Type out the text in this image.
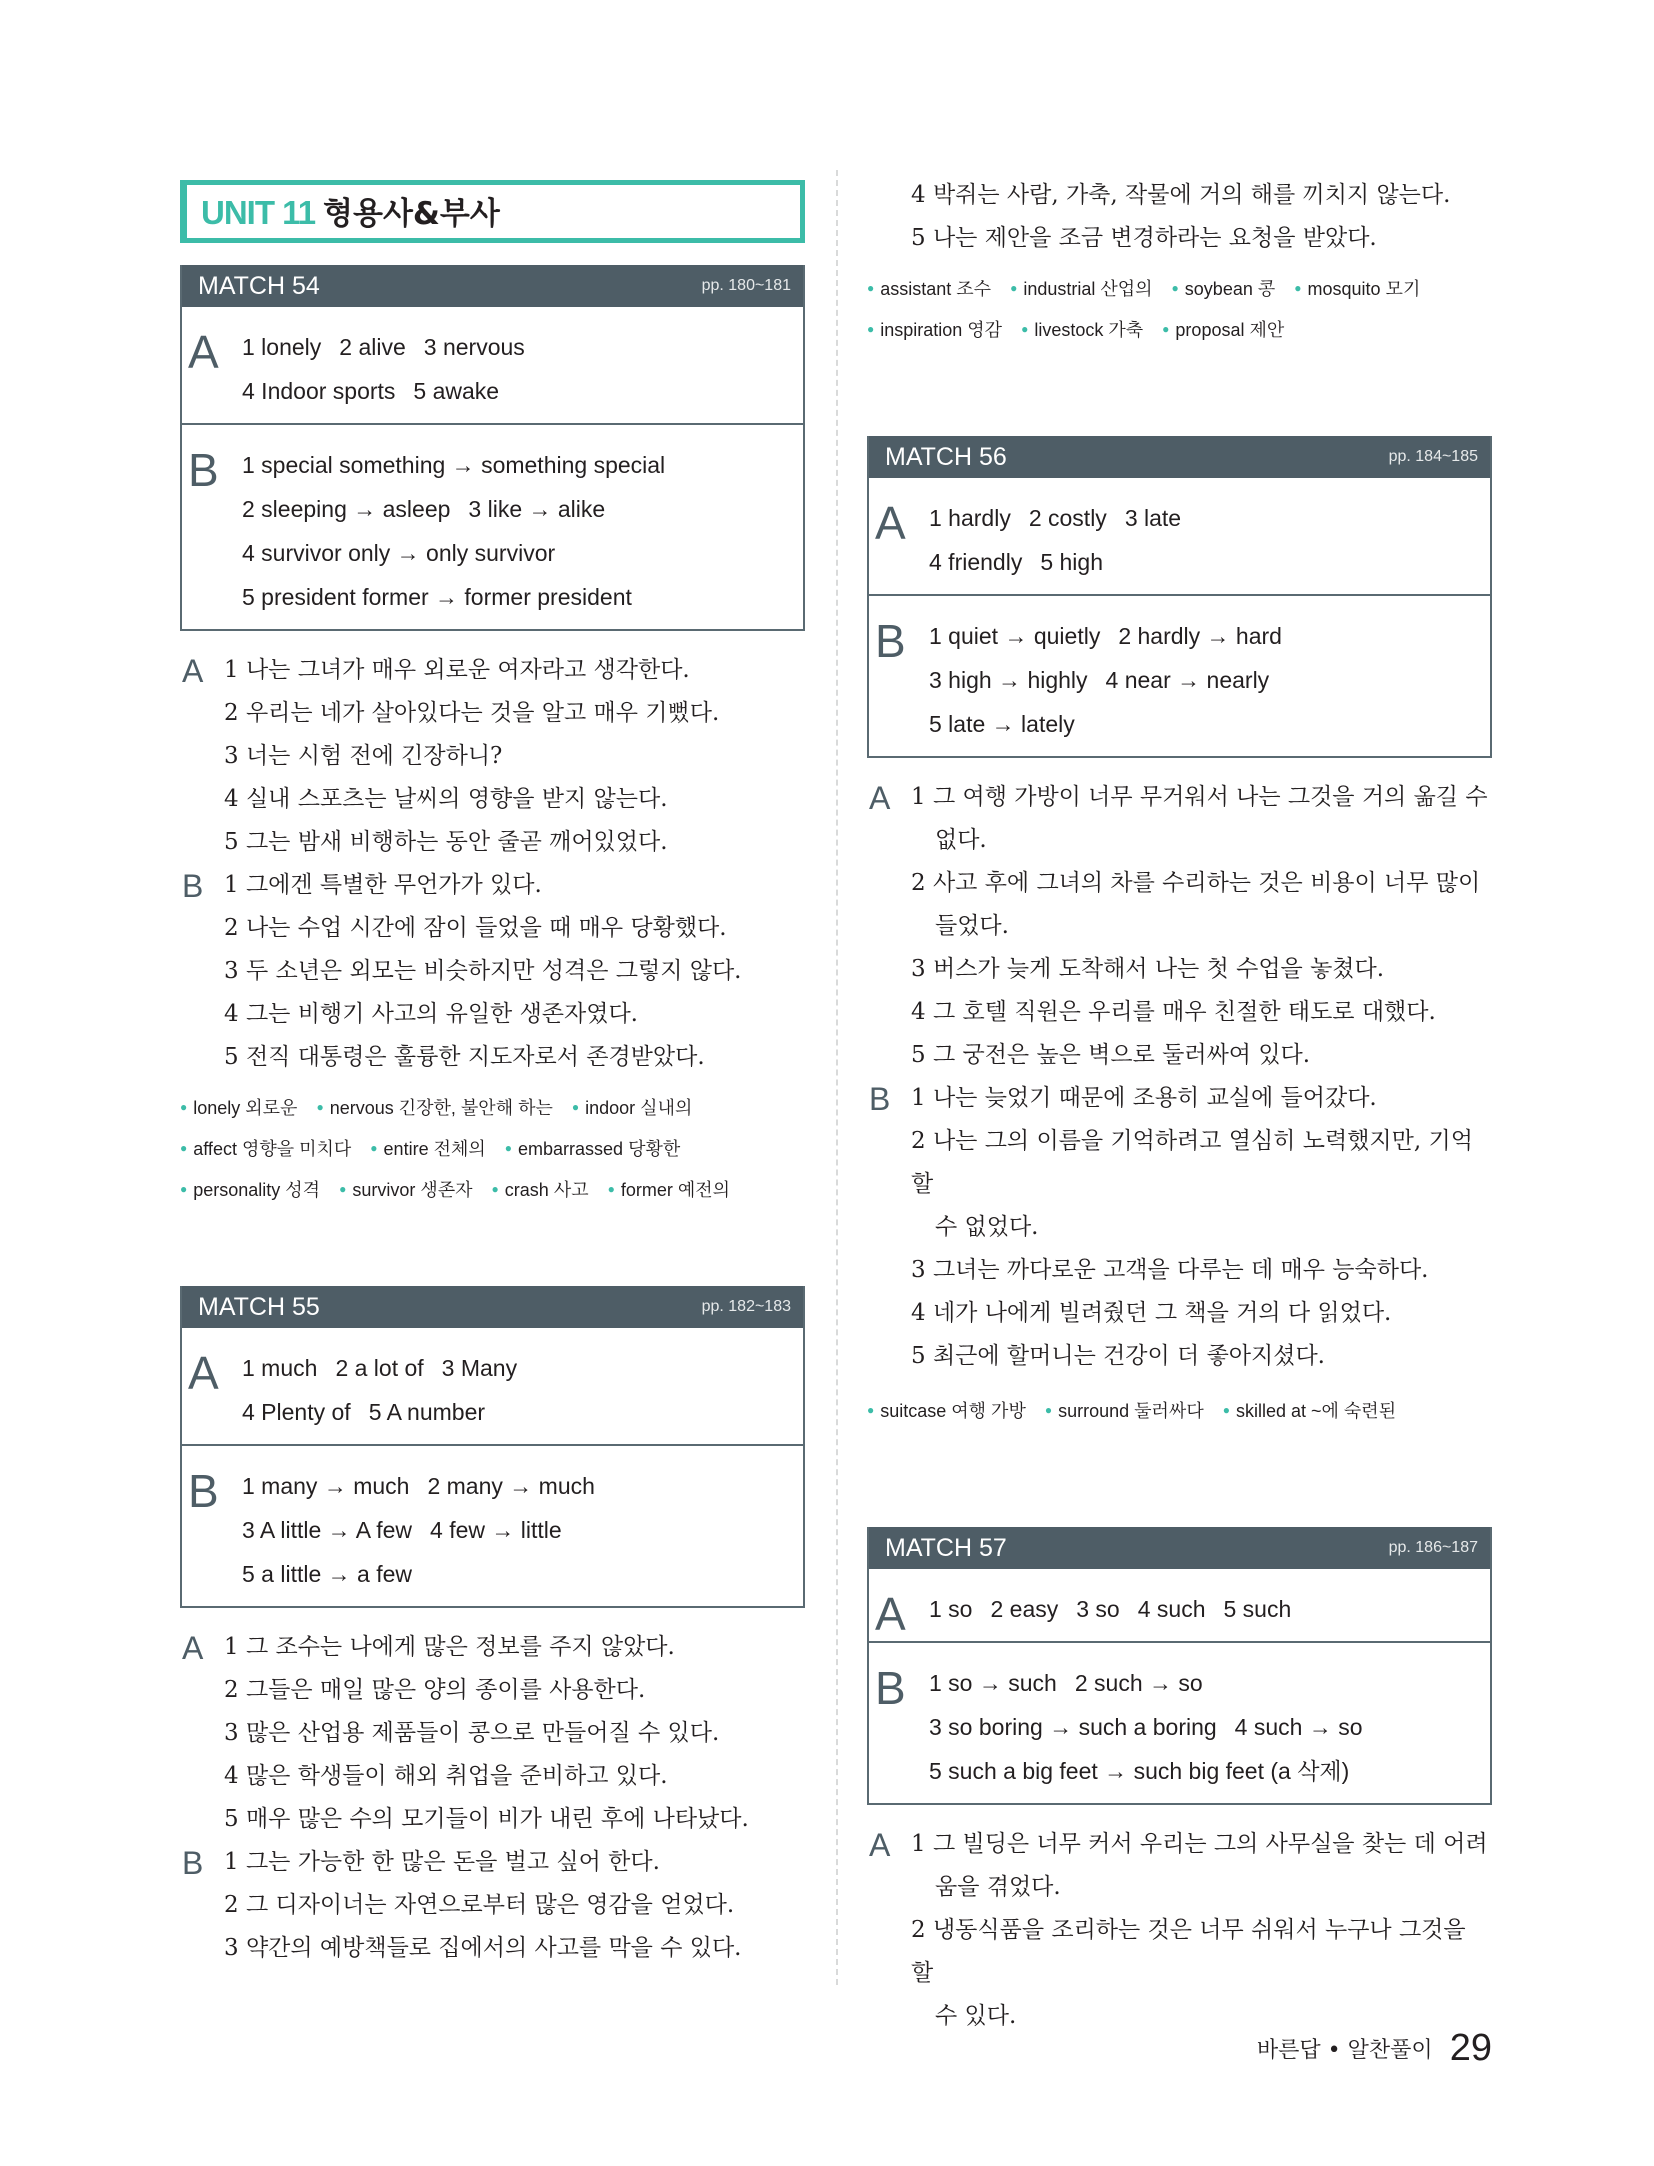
UNIT 11 형용사&부사
MATCH 54	pp. 180~181
A 1 lonely 2 alive 3 nervous
4 Indoor sports 5 awake
B 1 special something → something special
2 sleeping → asleep 3 like → alike
4 survivor only → only survivor
5 president former → former president
A 1 나는 그녀가 매우 외로운 여자라고 생각한다.
2 우리는 네가 살아있다는 것을 알고 매우 기뻤다.
3 너는 시험 전에 긴장하니?
4 실내 스포츠는 날씨의 영향을 받지 않는다.
5 그는 밤새 비행하는 동안 줄곧 깨어있었다.
B 1 그에겐 특별한 무언가가 있다.
2 나는 수업 시간에 잠이 들었을 때 매우 당황했다.
3 두 소년은 외모는 비슷하지만 성격은 그렇지 않다.
4 그는 비행기 사고의 유일한 생존자였다.
5 전직 대통령은 훌륭한 지도자로서 존경받았다.
● lonely 외로운 ● nervous 긴장한, 불안해 하는 ● indoor 실내의 ● affect 영향을 미치다 ● entire 전체의 ● embarrassed 당황한 ● personality 성격 ● survivor 생존자 ● crash 사고 ● former 예전의
MATCH 55	pp. 182~183
A 1 much 2 a lot of 3 Many
4 Plenty of 5 A number
B 1 many → much 2 many → much
3 A little → A few 4 few → little
5 a little → a few
A 1 그 조수는 나에게 많은 정보를 주지 않았다.
2 그들은 매일 많은 양의 종이를 사용한다.
3 많은 산업용 제품들이 콩으로 만들어질 수 있다.
4 많은 학생들이 해외 취업을 준비하고 있다.
5 매우 많은 수의 모기들이 비가 내린 후에 나타났다.
B 1 그는 가능한 한 많은 돈을 벌고 싶어 한다.
2 그 디자이너는 자연으로부터 많은 영감을 얻었다.
3 약간의 예방책들로 집에서의 사고를 막을 수 있다.
4 박쥐는 사람, 가축, 작물에 거의 해를 끼치지 않는다.
5 나는 제안을 조금 변경하라는 요청을 받았다.
● assistant 조수 ● industrial 산업의 ● soybean 콩 ● mosquito 모기 ● inspiration 영감 ● livestock 가축 ● proposal 제안
MATCH 56	pp. 184~185
A 1 hardly 2 costly 3 late
4 friendly 5 high
B 1 quiet → quietly 2 hardly → hard
3 high → highly 4 near → nearly
5 late → lately
A 1 그 여행 가방이 너무 무거워서 나는 그것을 거의 옮길 수
없다.
2 사고 후에 그녀의 차를 수리하는 것은 비용이 너무 많이
들었다.
3 버스가 늦게 도착해서 나는 첫 수업을 놓쳤다.
4 그 호텔 직원은 우리를 매우 친절한 태도로 대했다.
5 그 궁전은 높은 벽으로 둘러싸여 있다.
B 1 나는 늦었기 때문에 조용히 교실에 들어갔다.
2 나는 그의 이름을 기억하려고 열심히 노력했지만, 기억할
수 없었다.
3 그녀는 까다로운 고객을 다루는 데 매우 능숙하다.
4 네가 나에게 빌려줬던 그 책을 거의 다 읽었다.
5 최근에 할머니는 건강이 더 좋아지셨다.
● suitcase 여행 가방 ● surround 둘러싸다 ● skilled at ~에 숙련된
MATCH 57	pp. 186~187
A 1 so 2 easy 3 so 4 such 5 such
B 1 so → such 2 such → so
3 so boring → such a boring 4 such → so
5 such a big feet → such big feet (a 삭제)
A 1 그 빌딩은 너무 커서 우리는 그의 사무실을 찾는 데 어려
움을 겪었다.
2 냉동식품을 조리하는 것은 너무 쉬워서 누구나 그것을 할
수 있다.
바른답 • 알찬풀이 29
